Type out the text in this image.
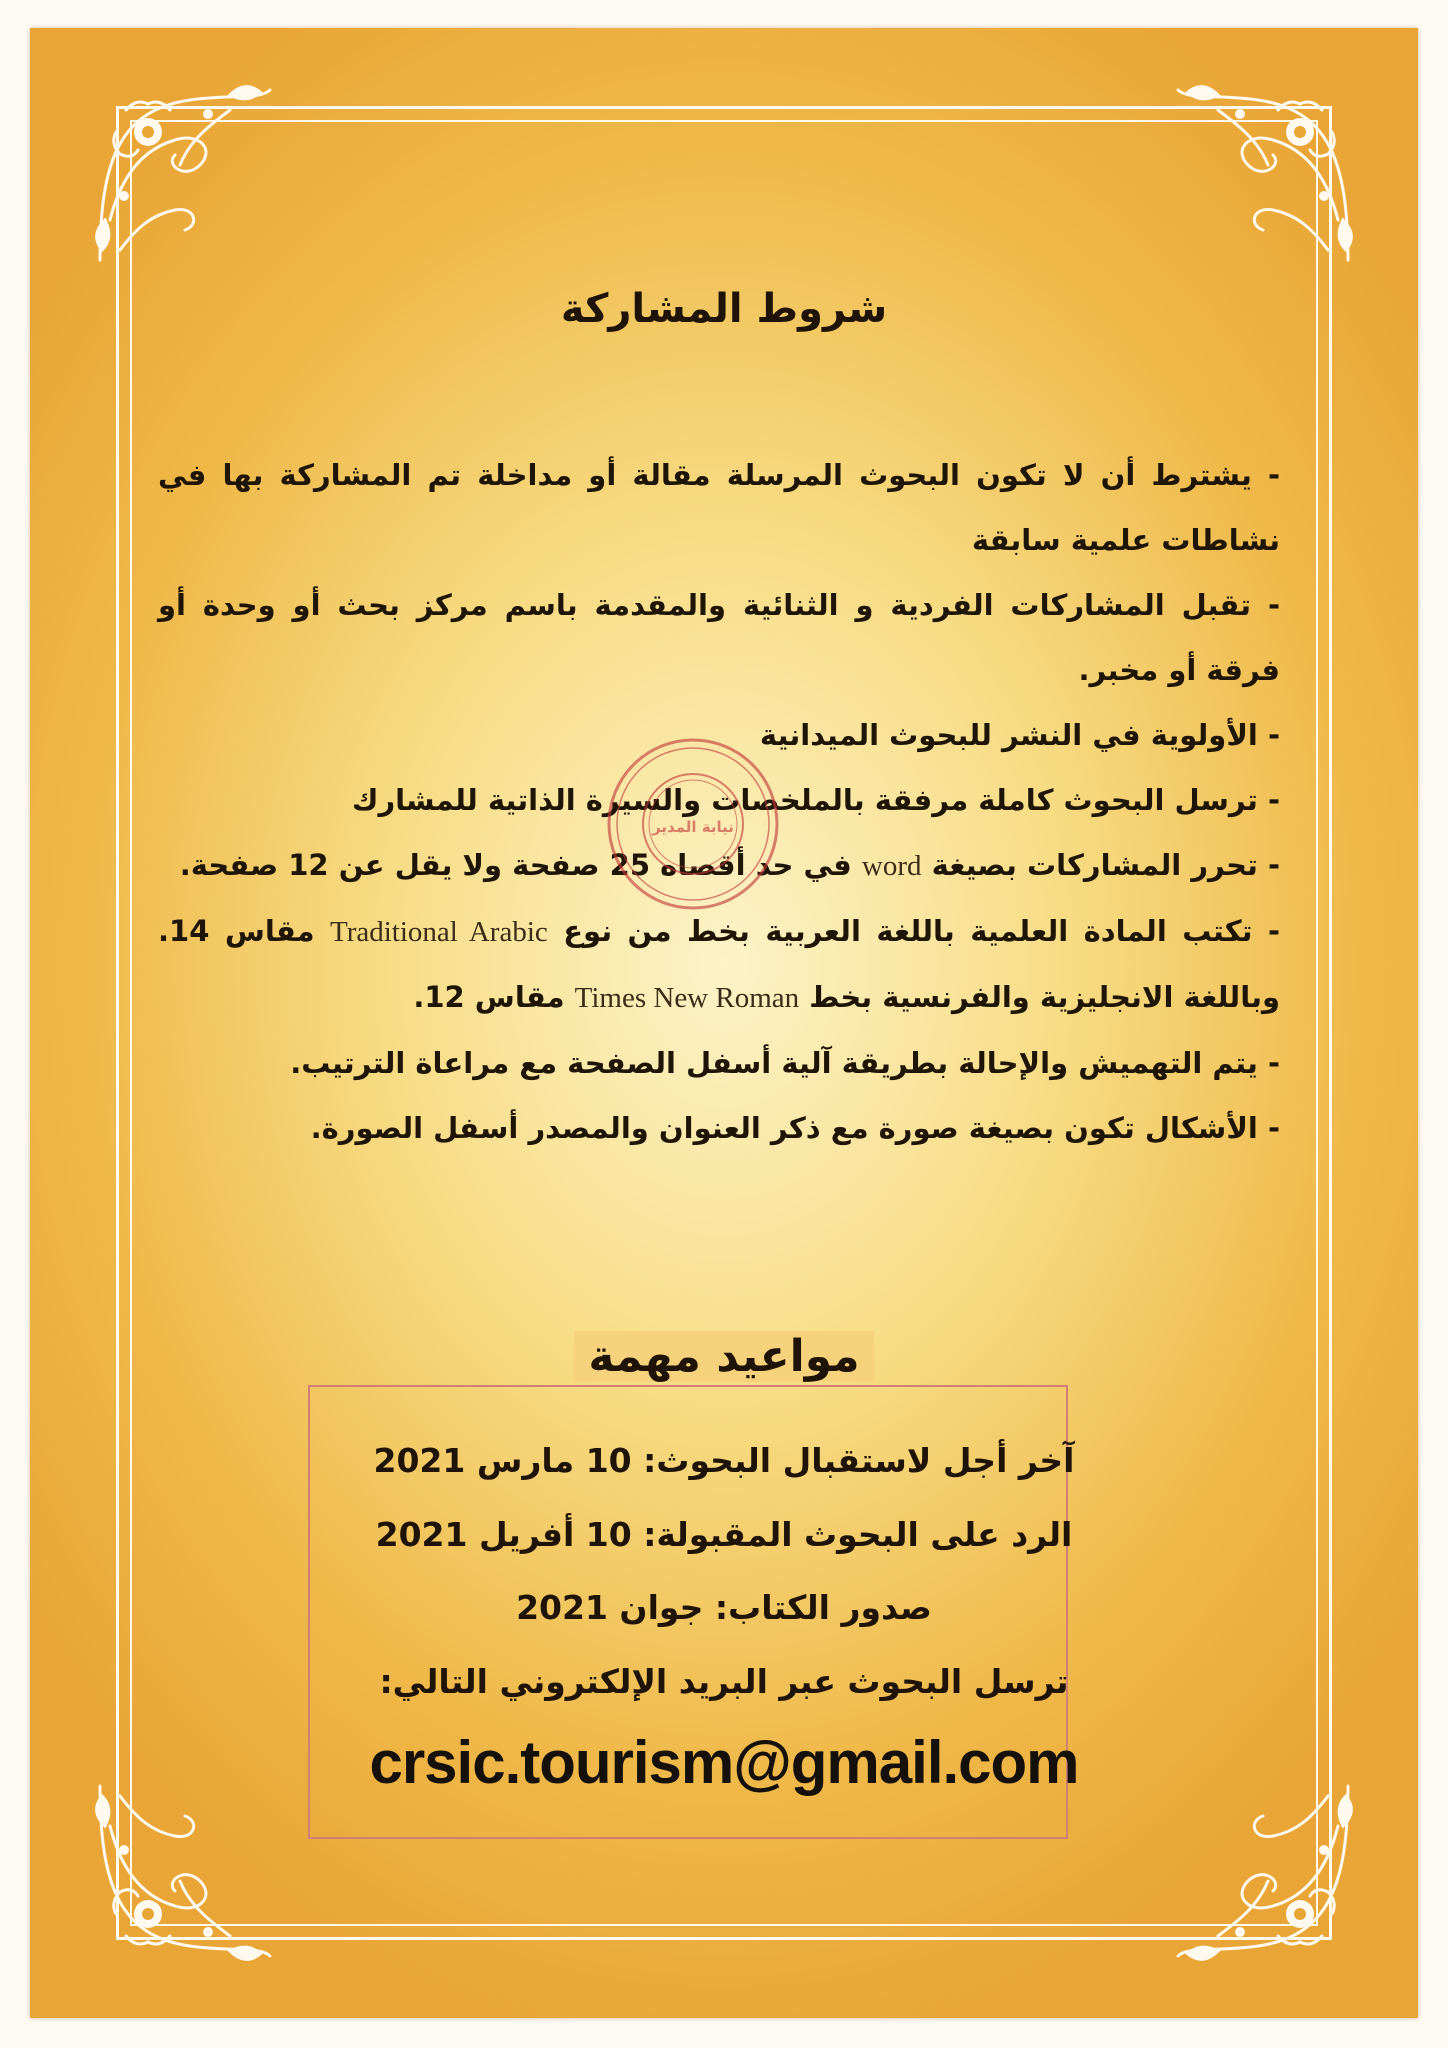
شروط المشاركة
- يشترط أن لا تكون البحوث المرسلة مقالة أو مداخلة تم المشاركة بها في نشاطات علمية سابقة
- تقبل المشاركات الفردية و الثنائية والمقدمة باسم مركز بحث أو وحدة أو فرقة أو مخبر.
- الأولوية في النشر للبحوث الميدانية
- ترسل البحوث كاملة مرفقة بالملخصات والسيرة الذاتية للمشارك
- تحرر المشاركات بصيغة word في حد أقصاه 25 صفحة ولا يقل عن 12 صفحة.
- تكتب المادة العلمية باللغة العربية بخط من نوع Traditional Arabic مقاس 14. وباللغة الانجليزية والفرنسية بخط Times New Roman مقاس 12.
- يتم التهميش والإحالة بطريقة آلية أسفل الصفحة مع مراعاة الترتيب.
- الأشكال تكون بصيغة صورة مع ذكر العنوان والمصدر أسفل الصورة.
نيابة المدير
مواعيد مهمة

آخر أجل لاستقبال البحوث: 10 مارس 2021

الرد على البحوث المقبولة: 10 أفريل 2021

صدور الكتاب: جوان 2021

ترسل البحوث عبر البريد الإلكتروني التالي:

crsic.tourism@gmail.com
